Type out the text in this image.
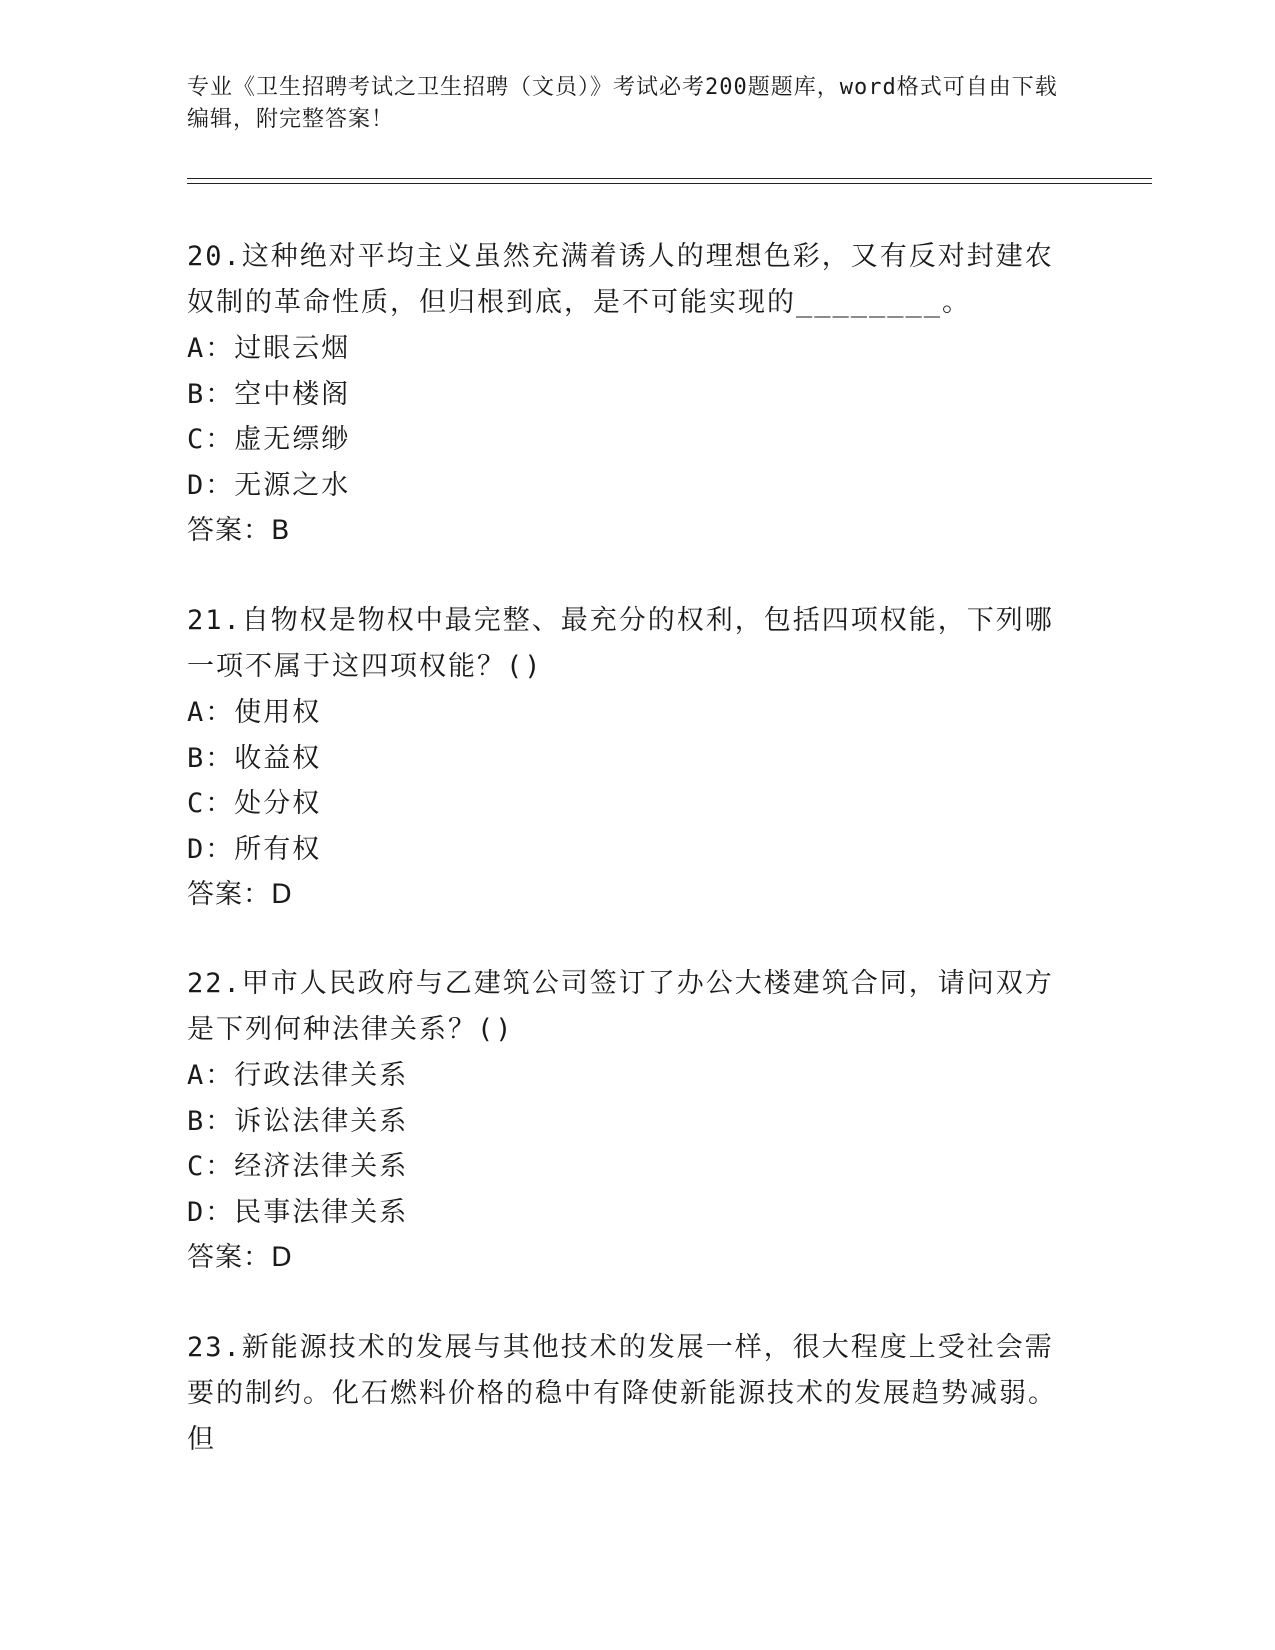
专业《卫生招聘考试之卫生招聘（文员）》考试必考200题题库，word格式可自由下载编辑，附完整答案！

20.这种绝对平均主义虽然充满着诱人的理想色彩，又有反对封建农奴制的革命性质，但归根到底，是不可能实现的________。

A：过眼云烟

B：空中楼阁

C：虚无缥缈

D：无源之水

答案：B

21.自物权是物权中最完整、最充分的权利，包括四项权能，下列哪一项不属于这四项权能？()

A：使用权

B：收益权

C：处分权

D：所有权

答案：D

22.甲市人民政府与乙建筑公司签订了办公大楼建筑合同，请问双方是下列何种法律关系？()

A：行政法律关系

B：诉讼法律关系

C：经济法律关系

D：民事法律关系

答案：D

23.新能源技术的发展与其他技术的发展一样，很大程度上受社会需要的制约。化石燃料价格的稳中有降使新能源技术的发展趋势减弱。但
